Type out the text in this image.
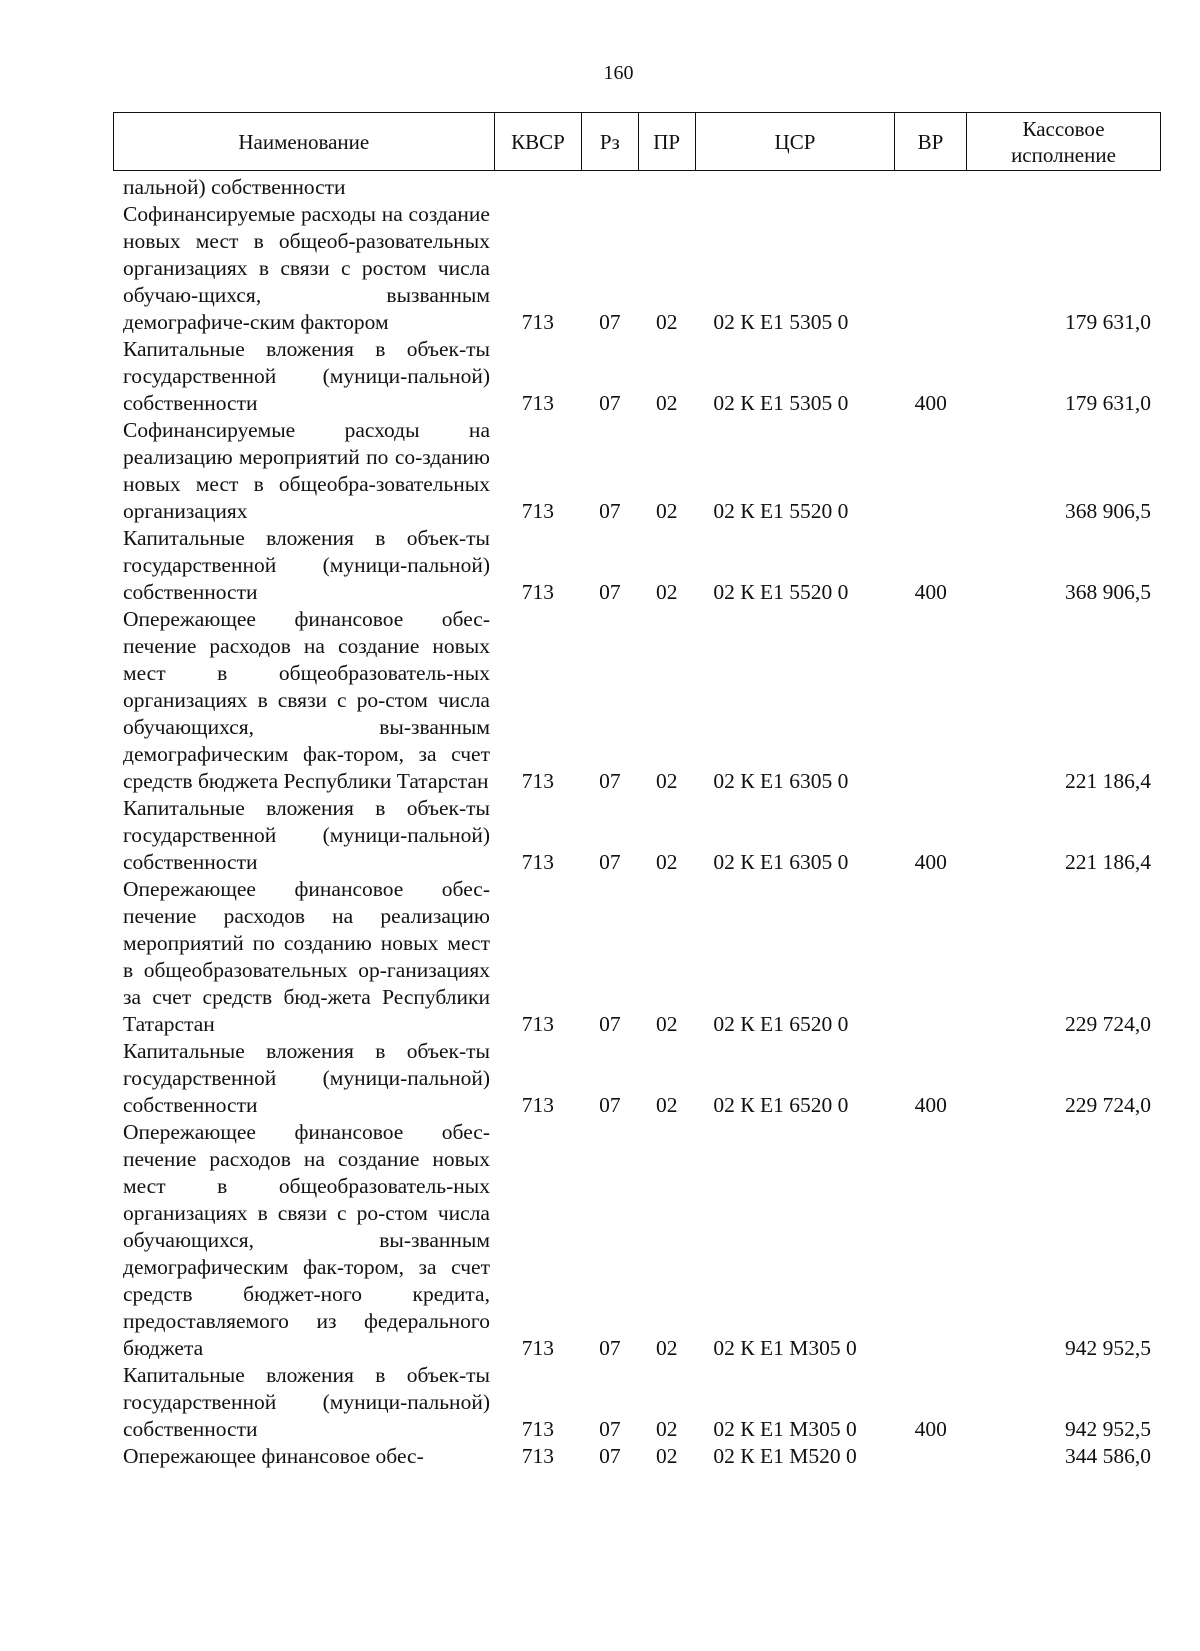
160
Наименование	КВСР	Рз	ПР	ЦСР	ВР	Кассовое исполнение
пальной) собственности						
Софинансируемые расходы на создание новых мест в общеоб-разовательных организациях в связи с ростом числа обучаю-щихся, вызванным демографиче-ским фактором	713	07	02	02 К Е1 5305 0		179 631,0
Капитальные вложения в объек-ты государственной (муници-пальной) собственности	713	07	02	02 К Е1 5305 0	400	179 631,0
Софинансируемые расходы на реализацию мероприятий по со-зданию новых мест в общеобра-зовательных организациях	713	07	02	02 К Е1 5520 0		368 906,5
Капитальные вложения в объек-ты государственной (муници-пальной) собственности	713	07	02	02 К Е1 5520 0	400	368 906,5
Опережающее финансовое обес-печение расходов на создание новых мест в общеобразователь-ных организациях в связи с ро-стом числа обучающихся, вы-званным демографическим фак-тором, за счет средств бюджета Республики Татарстан	713	07	02	02 К Е1 6305 0		221 186,4
Капитальные вложения в объек-ты государственной (муници-пальной) собственности	713	07	02	02 К Е1 6305 0	400	221 186,4
Опережающее финансовое обес-печение расходов на реализацию мероприятий по созданию новых мест в общеобразовательных ор-ганизациях за счет средств бюд-жета Республики Татарстан	713	07	02	02 К Е1 6520 0		229 724,0
Капитальные вложения в объек-ты государственной (муници-пальной) собственности	713	07	02	02 К Е1 6520 0	400	229 724,0
Опережающее финансовое обес-печение расходов на создание новых мест в общеобразователь-ных организациях в связи с ро-стом числа обучающихся, вы-званным демографическим фак-тором, за счет средств бюджет-ного кредита, предоставляемого из федерального бюджета	713	07	02	02 К Е1 М305 0		942 952,5
Капитальные вложения в объек-ты государственной (муници-пальной) собственности	713	07	02	02 К Е1 М305 0	400	942 952,5
Опережающее финансовое обес-	713	07	02	02 К Е1 М520 0		344 586,0
